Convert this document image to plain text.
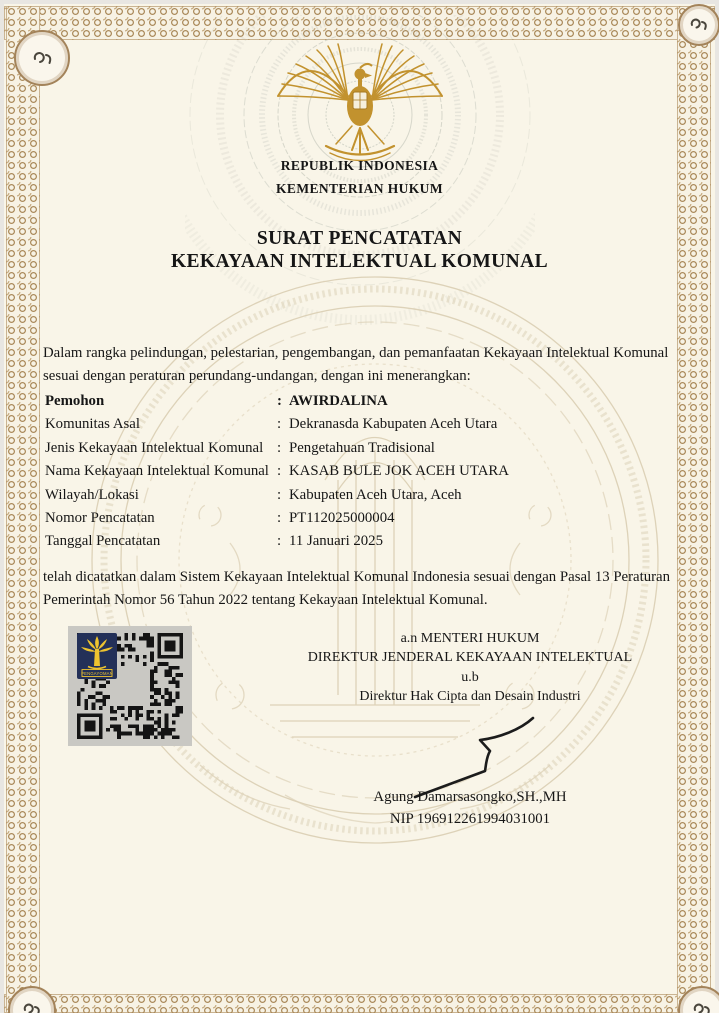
REPUBLIK INDONESIA
KEMENTERIAN HUKUM
SURAT PENCATATAN
KEKAYAAN INTELEKTUAL KOMUNAL
Dalam rangka pelindungan, pelestarian, pengembangan, dan pemanfaatan Kekayaan Intelektual Komunal sesuai dengan peraturan perundang-undangan, dengan ini menerangkan:
Pemohon	: AWIRDALINA
Komunitas Asal	: Dekranasda Kabupaten Aceh Utara
Jenis Kekayaan Intelektual Komunal : Pengetahuan Tradisional
Nama Kekayaan Intelektual Komunal : KASAB BULE JOK ACEH UTARA
Wilayah/Lokasi	: Kabupaten Aceh Utara, Aceh
Nomor Pencatatan	: PT112025000004
Tanggal Pencatatan	: 11 Januari 2025
telah dicatatkan dalam Sistem Kekayaan Intelektual Komunal Indonesia sesuai dengan Pasal 13 Peraturan Pemerintah Nomor 56 Tahun 2022 tentang Kekayaan Intelektual Komunal.
PENGAYOMAN
a.n MENTERI HUKUM
DIREKTUR JENDERAL KEKAYAAN INTELEKTUAL
u.b
Direktur Hak Cipta dan Desain Industri
Agung Damarsasongko,SH.,MH
NIP 196912261994031001
